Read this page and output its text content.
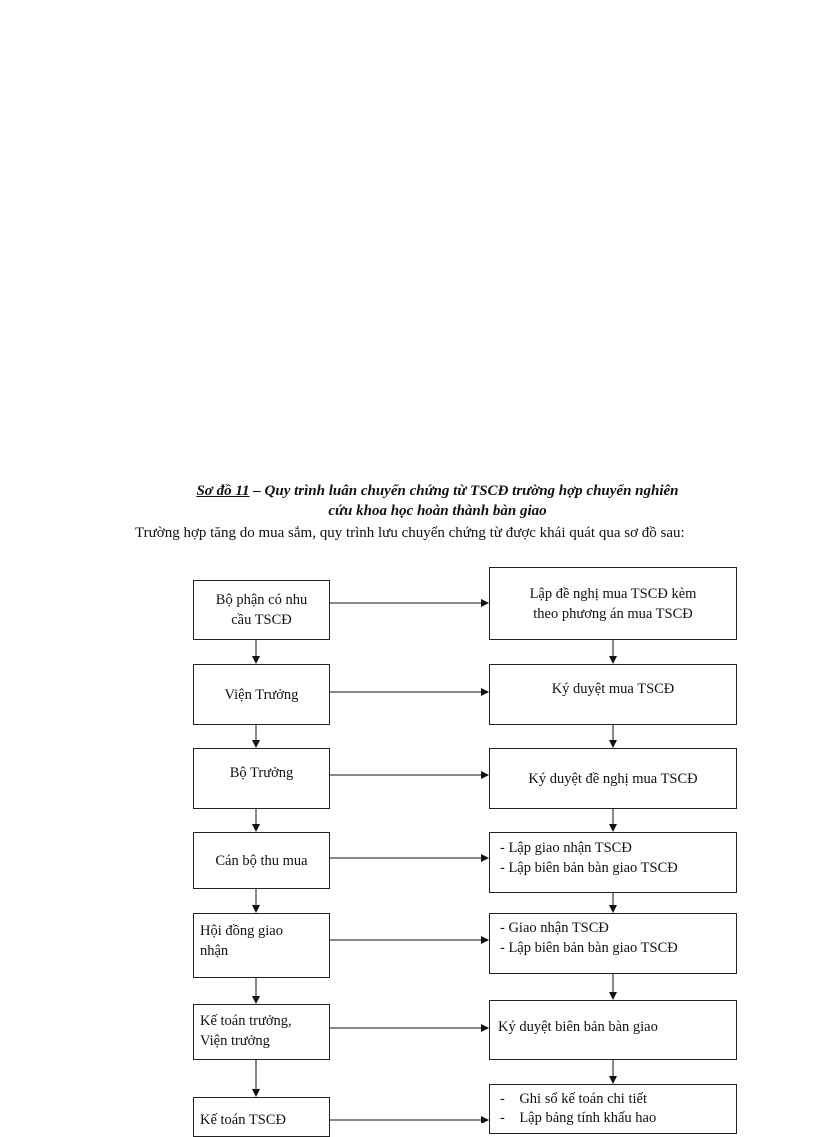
Sơ đồ 11 – Quy trình luân chuyển chứng từ TSCĐ trường hợp chuyển nghiên
cứu khoa học hoàn thành bàn giao
Trường hợp tăng do mua sắm, quy trình lưu chuyển chứng từ được khái quát qua sơ đồ sau:
Bộ phận có nhu
cầu TSCĐ
Viện Trưởng
Bộ Trưởng
Cán bộ thu mua
Hội đồng giao
nhận
Kế toán trưởng,
Viện trưởng
Kế toán TSCĐ
Lập đề nghị mua TSCĐ kèm
theo phương án mua TSCĐ
Ký duyệt mua TSCĐ
Ký duyệt đề nghị mua TSCĐ
- Lập giao nhận TSCĐ
- Lập biên bản bàn giao TSCĐ
- Giao nhận TSCĐ
- Lập biên bản bàn giao TSCĐ
Ký duyệt biên bản bàn giao
-    Ghi sổ kế toán chi tiết
-    Lập bảng tính khấu hao
